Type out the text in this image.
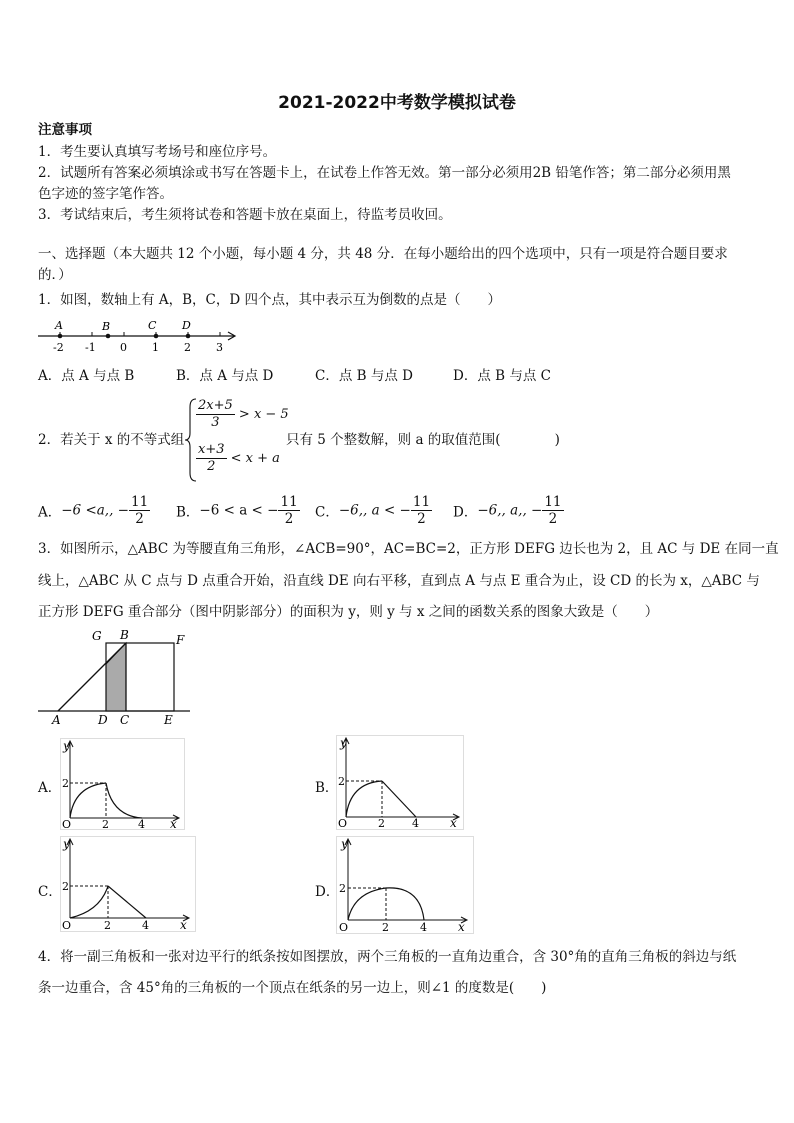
2021-2022中考数学模拟试卷
注意事项
1．考生要认真填写考场号和座位序号。
2．试题所有答案必须填涂或书写在答题卡上，在试卷上作答无效。第一部分必须用2B 铅笔作答；第二部分必须用黑
色字迹的签字笔作答。
3．考试结束后，考生须将试卷和答题卡放在桌面上，待监考员收回。
一、选择题（本大题共 12 个小题，每小题 4 分，共 48 分．在每小题给出的四个选项中，只有一项是符合题目要求
的．）
1．如图，数轴上有 A，B，C，D 四个点，其中表示互为倒数的点是（　　）
A	B	C D
-2 -1 0 1 2 3
A．点 A 与点 B	B．点 A 与点 D	C．点 B 与点 D	D．点 B 与点 C
2．若关于 x 的不等式组
$\frac{2x+5}{3} > x - 5$
$\frac{x+3}{2} < x + a$
只有 5 个整数解，则 a 的取值范围(　　　　)
A．−6 <a,, − $\frac{11}{2}$ B．−6 < a < − $\frac{11}{2}$ C．−6,, a < − $\frac{11}{2}$ D．−6,, a,, − $\frac{11}{2}$
3．如图所示，△ABC 为等腰直角三角形，∠ACB=90°，AC=BC=2，正方形 DEFG 边长也为 2，且 AC 与 DE 在同一直
线上，△ABC 从 C 点与 D 点重合开始，沿直线 DE 向右平移，直到点 A 与点 E 重合为止，设 CD 的长为 x，△ABC 与
正方形 DEFG 重合部分（图中阴影部分）的面积为 y，则 y 与 x 之间的函数关系的图象大致是（　　）
G B	F
A	D C	E
A．
y
x
O
2
2	4
B．
y
x
O
2
2 4
C．
y
x
O
2
2	4
D．
y
x
O
2
2	4
4．将一副三角板和一张对边平行的纸条按如图摆放，两个三角板的一直角边重合，含 30°角的直角三角板的斜边与纸
条一边重合，含 45°角的三角板的一个顶点在纸条的另一边上，则∠1 的度数是(　　)
